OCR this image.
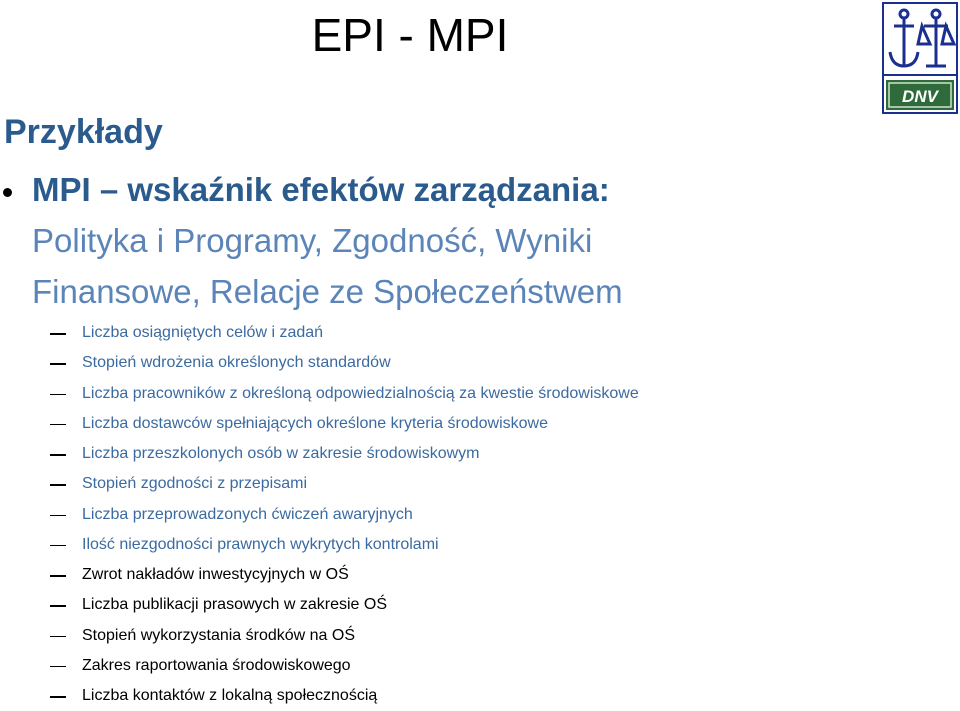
EPI - MPI
DNV
Przykłady
MPI – wskaźnik efektów zarządzania:
Polityka i Programy, Zgodność, Wyniki
Finansowe, Relacje ze Społeczeństwem
Liczba osiągniętych celów i zadań
Stopień wdrożenia określonych standardów
Liczba pracowników z określoną odpowiedzialnością za kwestie środowiskowe
Liczba dostawców spełniających określone kryteria środowiskowe
Liczba przeszkolonych osób w zakresie środowiskowym
Stopień zgodności z przepisami
Liczba przeprowadzonych ćwiczeń awaryjnych
Ilość niezgodności prawnych wykrytych kontrolami
Zwrot nakładów inwestycyjnych w OŚ
Liczba publikacji prasowych w zakresie OŚ
Stopień wykorzystania środków na OŚ
Zakres raportowania środowiskowego
Liczba kontaktów z lokalną społecznością
